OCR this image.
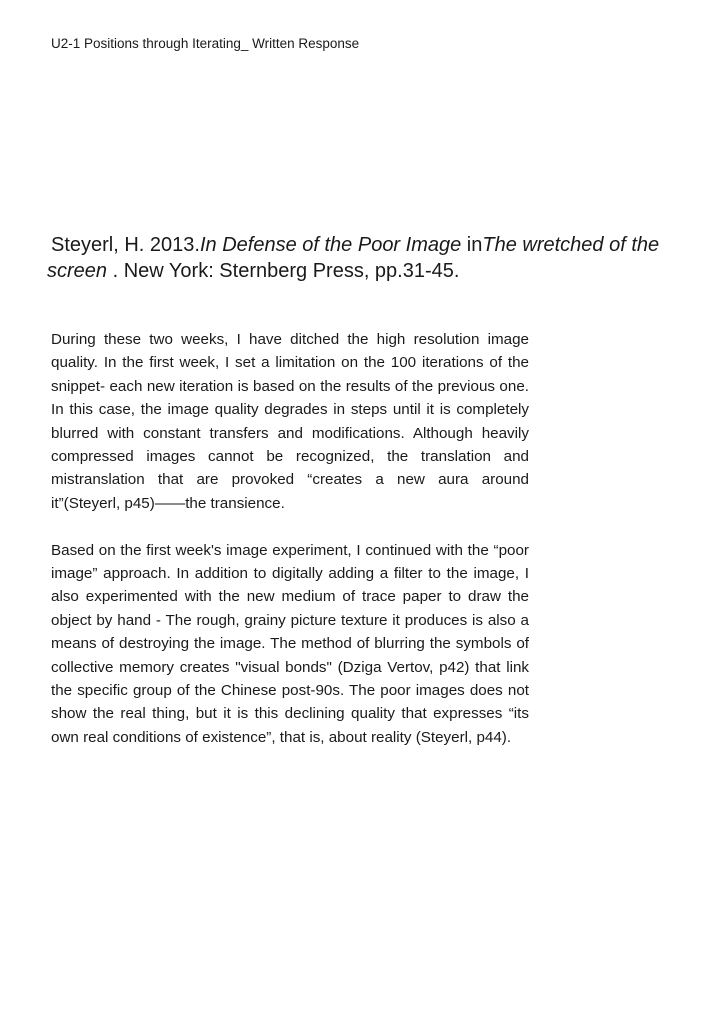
U2-1 Positions through Iterating_ Written Response
Steyerl, H. 2013.In Defense of the Poor Image inThe wretched of the
screen . New York: Sternberg Press, pp.31-45.

During these two weeks, I have ditched the high resolution image quality. In the first week, I set a limitation on the 100 iterations of the snippet- each new iteration is based on the results of the previous one. In this case, the image quality degrades in steps until it is completely blurred with constant transfers and modifications. Although heavily compressed images cannot be recognized, the translation and mistranslation that are provoked “creates a new aura around it”(Steyerl, p45)——the transience.

Based on the first week's image experiment, I continued with the “poor image” approach. In addition to digitally adding a filter to the image, I also experimented with the new medium of trace paper to draw the object by hand - The rough, grainy picture texture it produces is also a means of destroying the image. The method of blurring the symbols of collective memory creates "visual bonds" (Dziga Vertov, p42) that link the specific group of the Chinese post-90s. The poor images does not show the real thing, but it is this declining quality that expresses “its own real conditions of existence”, that is, about reality (Steyerl, p44).
